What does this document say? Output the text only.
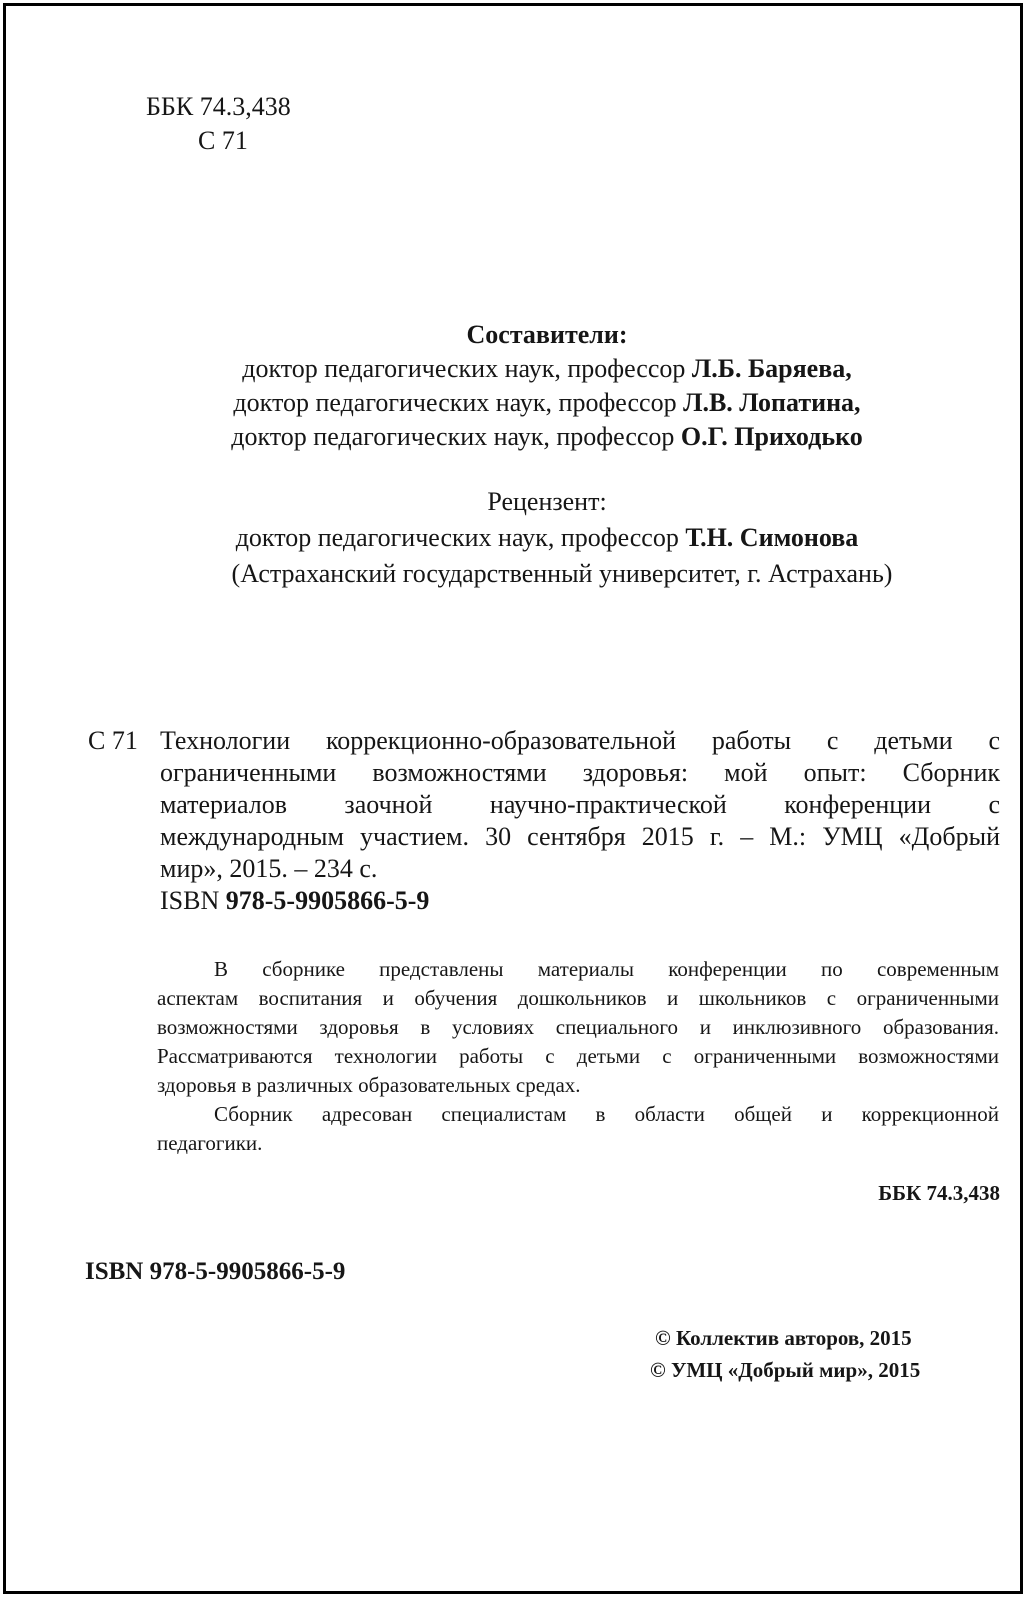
ББК 74.3,438
С 71
Составители:
доктор педагогических наук, профессор Л.Б. Баряева,
доктор педагогических наук, профессор Л.В. Лопатина,
доктор педагогических наук, профессор О.Г. Приходько
Рецензент:
доктор педагогических наук, профессор Т.Н. Симонова
(Астраханский государственный университет, г. Астрахань)
С 71 Технологии коррекционно-образовательной работы с детьми с
ограниченными возможностями здоровья: мой опыт: Сборник
материалов заочной научно-практической конференции с
международным участием. 30 сентября 2015 г. – М.: УМЦ «Добрый
мир», 2015. – 234 с.
ISBN 978-5-9905866-5-9
В сборнике представлены материалы конференции по современным
аспектам воспитания и обучения дошкольников и школьников с ограниченными
возможностями здоровья в условиях специального и инклюзивного образования.
Рассматриваются технологии работы с детьми с ограниченными возможностями
здоровья в различных образовательных средах.
Сборник адресован специалистам в области общей и коррекционной
педагогики.
ББК 74.3,438
ISBN 978-5-9905866-5-9
© Коллектив авторов, 2015
© УМЦ «Добрый мир», 2015
